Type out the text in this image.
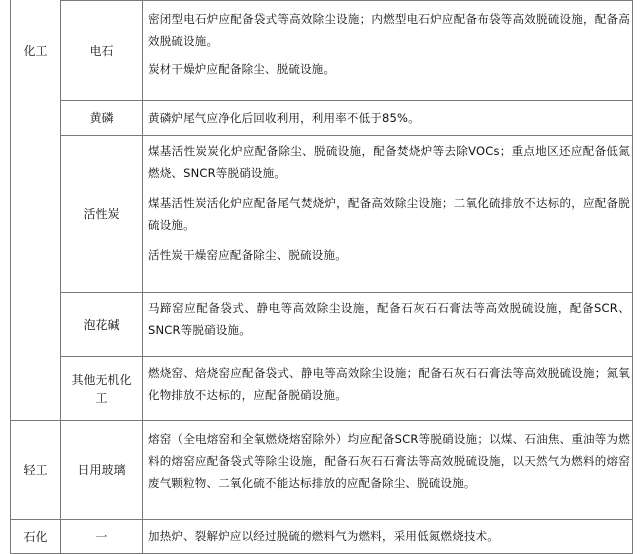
化工
轻工
石化
电石
黄磷
活性炭
泡花碱
其他无机化工
日用玻璃
一

密闭型电石炉应配备袋式等高效除尘设施；内燃型电石炉应配备布袋等高效脱硫设施，配备高效脱硫设施。

炭材干燥炉应配备除尘、脱硫设施。

黄磷炉尾气应净化后回收利用，利用率不低于85%。

煤基活性炭炭化炉应配备除尘、脱硫设施，配备焚烧炉等去除VOCs；重点地区还应配备低氮燃烧、SNCR等脱硝设施。

煤基活性炭活化炉应配备尾气焚烧炉，配备高效除尘设施；二氧化硫排放不达标的，应配备脱硫设施。

活性炭干燥窑应配备除尘、脱硫设施。

马蹄窑应配备袋式、静电等高效除尘设施，配备石灰石石膏法等高效脱硫设施，配备SCR、SNCR等脱硝设施。

燃烧窑、焙烧窑应配备袋式、静电等高效除尘设施；配备石灰石石膏法等高效脱硫设施；氮氧化物排放不达标的，应配备脱硝设施。

熔窑（全电熔窑和全氧燃烧熔窑除外）均应配备SCR等脱硝设施；以煤、石油焦、重油等为燃料的熔窑应配备袋式等除尘设施，配备石灰石石膏法等高效脱硫设施，以天然气为燃料的熔窑废气颗粒物、二氧化硫不能达标排放的应配备除尘、脱硫设施。

加热炉、裂解炉应以经过脱硫的燃料气为燃料，采用低氮燃烧技术。
